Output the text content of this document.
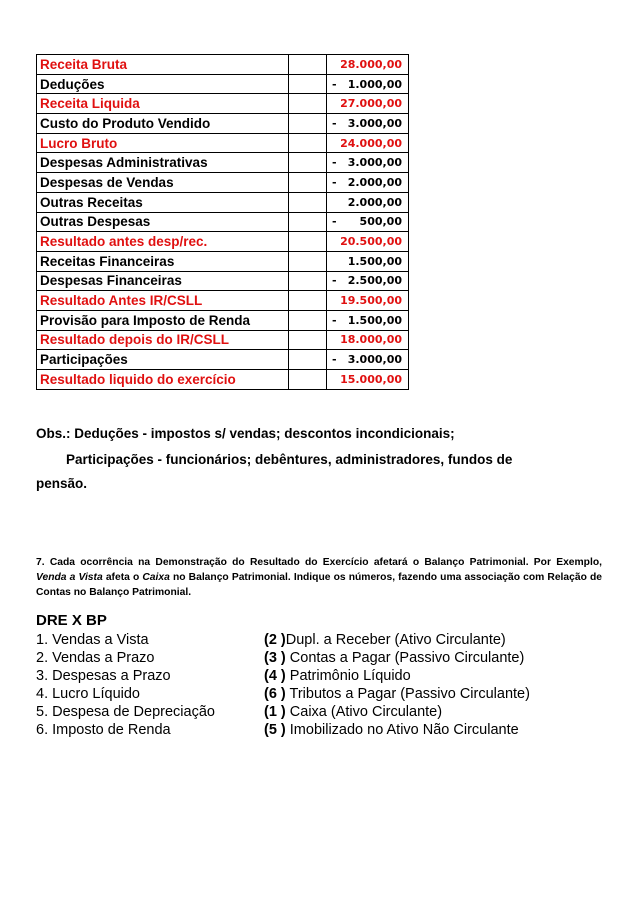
Receita Bruta		28.000,00
Deduções		- 1.000,00
Receita Liquida		27.000,00
Custo do Produto Vendido		- 3.000,00
Lucro Bruto		24.000,00
Despesas Administrativas		- 3.000,00
Despesas de Vendas		- 2.000,00
Outras Receitas		2.000,00
Outras Despesas		- 500,00
Resultado antes desp/rec.		20.500,00
Receitas Financeiras		1.500,00
Despesas Financeiras		- 2.500,00
Resultado Antes IR/CSLL		19.500,00
Provisão para Imposto de Renda		- 1.500,00
Resultado depois do IR/CSLL		18.000,00
Participações		- 3.000,00
Resultado liquido do exercício		15.000,00
Obs.: Deduções - impostos s/ vendas; descontos incondicionais;
Participações - funcionários; debêntures, administradores, fundos de
pensão.
7. Cada ocorrência na Demonstração do Resultado do Exercício afetará o Balanço Patrimonial. Por Exemplo, Venda a Vista afeta o Caixa no Balanço Patrimonial. Indique os números, fazendo uma associação com Relação de Contas no Balanço Patrimonial.
DRE X BP
1. Vendas a Vista	(2 )Dupl. a Receber (Ativo Circulante)
2. Vendas a Prazo	(3 ) Contas a Pagar (Passivo Circulante)
3. Despesas a Prazo	(4 ) Patrimônio Líquido
4. Lucro Líquido	(6 ) Tributos a Pagar (Passivo Circulante)
5. Despesa de Depreciação	(1 ) Caixa (Ativo Circulante)
6. Imposto de Renda	(5 ) Imobilizado no Ativo Não Circulante
